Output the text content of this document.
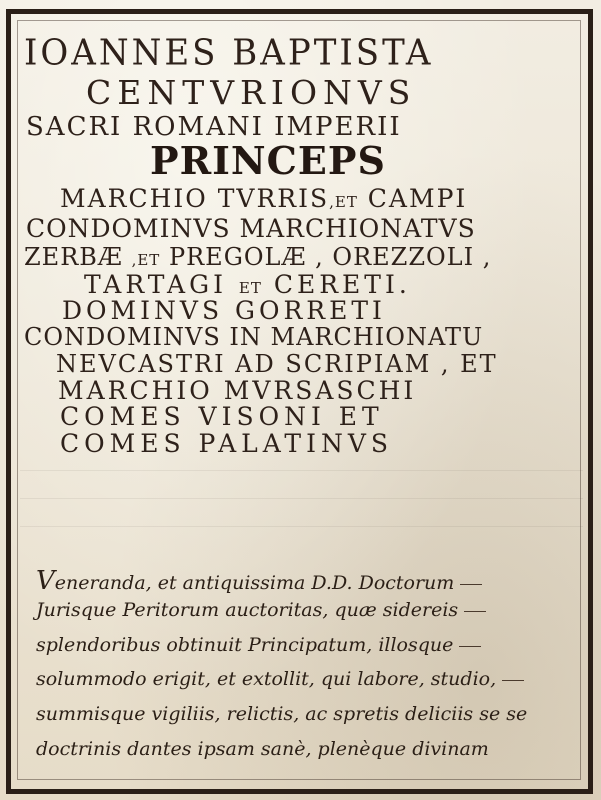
IOANNES BAPTISTA
CENTVRIONVS
SACRI ROMANI IMPERII
PRINCEPS
MARCHIO TVRRIS,ET CAMPI
CONDOMINVS MARCHIONATVS
ZERBÆ ,ET PREGOLÆ , OREZZOLI ,
TARTAGI ET CERETI.
DOMINVS GORRETI
CONDOMINVS IN MARCHIONATU
NEVCASTRI AD SCRIPIAM , ET
MARCHIO MVRSASCHI
COMES VISONI ET
COMES PALATINVS
Veneranda, et antiquissima D.D. Doctorum
Jurisque Peritorum auctoritas, quæ sidereis
splendoribus obtinuit Principatum, illosque
solummodo erigit, et extollit, qui labore, studio,
summisque vigiliis, relictis, ac spretis deliciis se se
doctrinis dantes ipsam sanè, plenèque divinam
